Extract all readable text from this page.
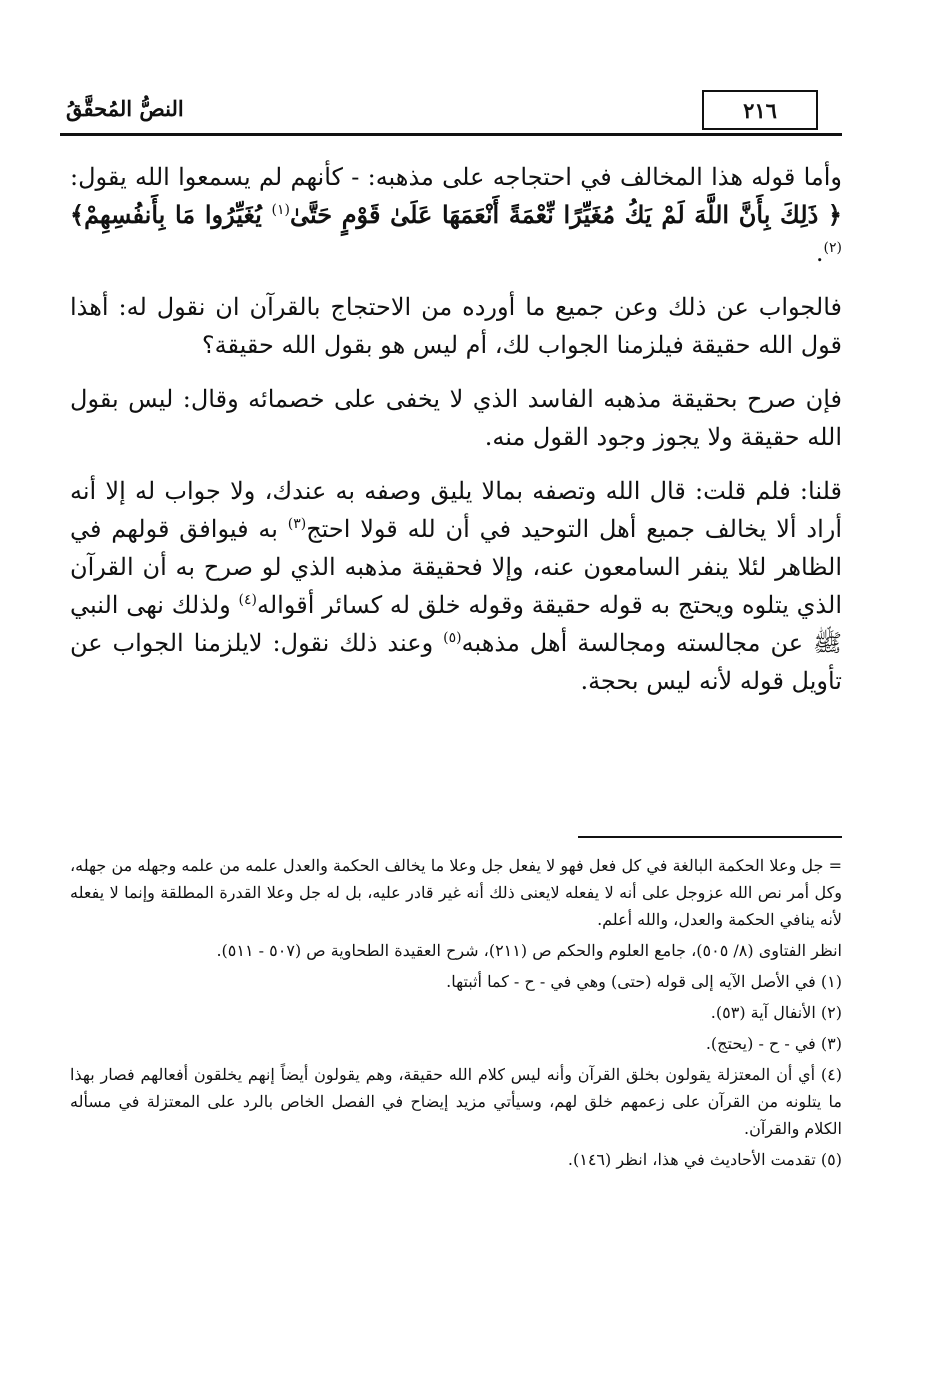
النصُّ المُحقَّقُ	٢١٦

وأما قوله هذا المخالف في احتجاجه على مذهبه: - كأنهم لم يسمعوا الله يقول: ﴿ ذَلِكَ بِأَنَّ اللَّهَ لَمْ يَكُ مُغَيِّرًا نِّعْمَةً أَنْعَمَهَا عَلَىٰ قَوْمٍ حَتَّىٰ$^{(١)}$ يُغَيِّرُوا مَا بِأَنفُسِهِمْ﴾$^{(٢)}$.

فالجواب عن ذلك وعن جميع ما أورده من الاحتجاج بالقرآن ان نقول له: أهذا قول الله حقيقة فيلزمنا الجواب لك، أم ليس هو بقول الله حقيقة؟

فإن صرح بحقيقة مذهبه الفاسد الذي لا يخفى على خصمائه وقال: ليس بقول الله حقيقة ولا يجوز وجود القول منه.

قلنا: فلم قلت: قال الله وتصفه بمالا يليق وصفه به عندك، ولا جواب له إلا أنه أراد ألا يخالف جميع أهل التوحيد في أن لله قولا احتج$^{(٣)}$ به فيوافق قولهم في الظاهر لئلا ينفر السامعون عنه، وإلا فحقيقة مذهبه الذي لو صرح به أن القرآن الذي يتلوه ويحتج به قوله حقيقة وقوله خلق له كسائر أقواله$^{(٤)}$ ولذلك نهى النبي ﷺ عن مجالسته ومجالسة أهل مذهبه$^{(٥)}$ وعند ذلك نقول: لايلزمنا الجواب عن تأويل قوله لأنه ليس بحجة.

= جل وعلا الحكمة البالغة في كل فعل فهو لا يفعل جل وعلا ما يخالف الحكمة والعدل علمه من علمه وجهله من جهله، وكل أمر نص الله عزوجل على أنه لا يفعله لايعنى ذلك أنه غير قادر عليه، بل له جل وعلا القدرة المطلقة وإنما لا يفعله لأنه ينافي الحكمة والعدل، والله أعلم.

انظر الفتاوى (٨/ ٥٠٥)، جامع العلوم والحكم ص (٢١١)، شرح العقيدة الطحاوية ص (٥٠٧ - ٥١١).

(١) في الأصل الآيه إلى قوله (حتى) وهي في - ح - كما أثبتها.

(٢) الأنفال آية (٥٣).

(٣) في - ح - (يحتج).

(٤) أي أن المعتزلة يقولون بخلق القرآن وأنه ليس كلام الله حقيقة، وهم يقولون أيضاً إنهم يخلقون أفعالهم فصار بهذا ما يتلونه من القرآن على زعمهم خلق لهم، وسيأتي مزيد إيضاح في الفصل الخاص بالرد على المعتزلة في مسأله الكلام والقرآن.

(٥) تقدمت الأحاديث في هذا، انظر (١٤٦).
